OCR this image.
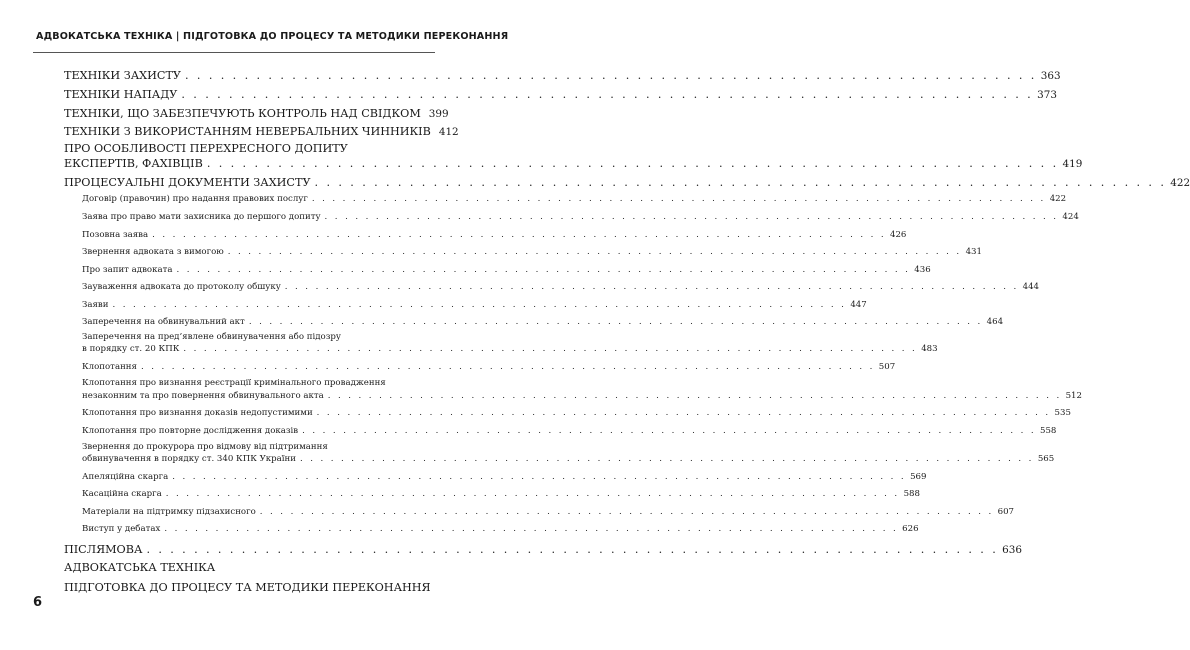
АДВОКАТСЬКА ТЕХНІКА | ПІДГОТОВКА ДО ПРОЦЕСУ ТА МЕТОДИКИ ПЕРЕКОНАННЯ
ТЕХНІКИ ЗАХИСТУ . . . . . . . . . . . . . . . . . . . . . . . . . . . . . . . . . . . . . . . . . . . . . . . . . . . . . . . . . . . . . . . . . . . . . . . . 363
ТЕХНІКИ НАПАДУ . . . . . . . . . . . . . . . . . . . . . . . . . . . . . . . . . . . . . . . . . . . . . . . . . . . . . . . . . . . . . . . . . . . . . . . . 373
ТЕХНІКИ, ЩО ЗАБЕЗПЕЧУЮТЬ КОНТРОЛЬ НАД СВІДКОМ 399
ТЕХНІКИ З ВИКОРИСТАННЯМ НЕВЕРБАЛЬНИХ ЧИННИКІВ 412
ПРО ОСОБЛИВОСТІ ПЕРЕХРЕСНОГО ДОПИТУ
ЕКСПЕРТІВ, ФАХІВЦІВ . . . . . . . . . . . . . . . . . . . . . . . . . . . . . . . . . . . . . . . . . . . . . . . . . . . . . . . . . . . . . . . . . . . . . . . . 419
ПРОЦЕСУАЛЬНІ ДОКУМЕНТИ ЗАХИСТУ . . . . . . . . . . . . . . . . . . . . . . . . . . . . . . . . . . . . . . . . . . . . . . . . . . . . . . . . . . . . . . . . . . . . . . . . 422
Договір (правочин) про надання правових послуг . . . . . . . . . . . . . . . . . . . . . . . . . . . . . . . . . . . . . . . . . . . . . . . . . . . . . . . . . . . . . . . . . . . . . . . . 422
Заява про право мати захисника до першого допиту . . . . . . . . . . . . . . . . . . . . . . . . . . . . . . . . . . . . . . . . . . . . . . . . . . . . . . . . . . . . . . . . . . . . . . . . 424
Позовна заява . . . . . . . . . . . . . . . . . . . . . . . . . . . . . . . . . . . . . . . . . . . . . . . . . . . . . . . . . . . . . . . . . . . . . . . . 426
Звернення адвоката з вимогою . . . . . . . . . . . . . . . . . . . . . . . . . . . . . . . . . . . . . . . . . . . . . . . . . . . . . . . . . . . . . . . . . . . . . . . . 431
Про запит адвоката . . . . . . . . . . . . . . . . . . . . . . . . . . . . . . . . . . . . . . . . . . . . . . . . . . . . . . . . . . . . . . . . . . . . . . . . 436
Зауваження адвоката до протоколу обшуку . . . . . . . . . . . . . . . . . . . . . . . . . . . . . . . . . . . . . . . . . . . . . . . . . . . . . . . . . . . . . . . . . . . . . . . . 444
Заяви . . . . . . . . . . . . . . . . . . . . . . . . . . . . . . . . . . . . . . . . . . . . . . . . . . . . . . . . . . . . . . . . . . . . . . . . 447
Заперечення на обвинувальний акт . . . . . . . . . . . . . . . . . . . . . . . . . . . . . . . . . . . . . . . . . . . . . . . . . . . . . . . . . . . . . . . . . . . . . . . . 464
Заперечення на пред’явлене обвинувачення або підозру
в порядку ст. 20 КПК . . . . . . . . . . . . . . . . . . . . . . . . . . . . . . . . . . . . . . . . . . . . . . . . . . . . . . . . . . . . . . . . . . . . . . . . 483
Клопотання . . . . . . . . . . . . . . . . . . . . . . . . . . . . . . . . . . . . . . . . . . . . . . . . . . . . . . . . . . . . . . . . . . . . . . . . 507
Клопотання про визнання реєстрації кримінального провадження
незаконним та про повернення обвинувального акта . . . . . . . . . . . . . . . . . . . . . . . . . . . . . . . . . . . . . . . . . . . . . . . . . . . . . . . . . . . . . . . . . . . . . . . . 512
Клопотання про визнання доказів недопустимими . . . . . . . . . . . . . . . . . . . . . . . . . . . . . . . . . . . . . . . . . . . . . . . . . . . . . . . . . . . . . . . . . . . . . . . . 535
Клопотання про повторне дослідження доказів . . . . . . . . . . . . . . . . . . . . . . . . . . . . . . . . . . . . . . . . . . . . . . . . . . . . . . . . . . . . . . . . . . . . . . . . 558
Звернення до прокурора про відмову від підтримання
обвинувачення в порядку ст. 340 КПК України . . . . . . . . . . . . . . . . . . . . . . . . . . . . . . . . . . . . . . . . . . . . . . . . . . . . . . . . . . . . . . . . . . . . . . . . 565
Апеляційна скарга . . . . . . . . . . . . . . . . . . . . . . . . . . . . . . . . . . . . . . . . . . . . . . . . . . . . . . . . . . . . . . . . . . . . . . . . 569
Касаційна скарга . . . . . . . . . . . . . . . . . . . . . . . . . . . . . . . . . . . . . . . . . . . . . . . . . . . . . . . . . . . . . . . . . . . . . . . . 588
Матеріали на підтримку підзахисного . . . . . . . . . . . . . . . . . . . . . . . . . . . . . . . . . . . . . . . . . . . . . . . . . . . . . . . . . . . . . . . . . . . . . . . . 607
Виступ у дебатах . . . . . . . . . . . . . . . . . . . . . . . . . . . . . . . . . . . . . . . . . . . . . . . . . . . . . . . . . . . . . . . . . . . . . . . . 626
ПІСЛЯМОВА . . . . . . . . . . . . . . . . . . . . . . . . . . . . . . . . . . . . . . . . . . . . . . . . . . . . . . . . . . . . . . . . . . . . . . . . 636
АДВОКАТСЬКА ТЕХНІКА
ПІДГОТОВКА ДО ПРОЦЕСУ ТА МЕТОДИКИ ПЕРЕКОНАННЯ
6
